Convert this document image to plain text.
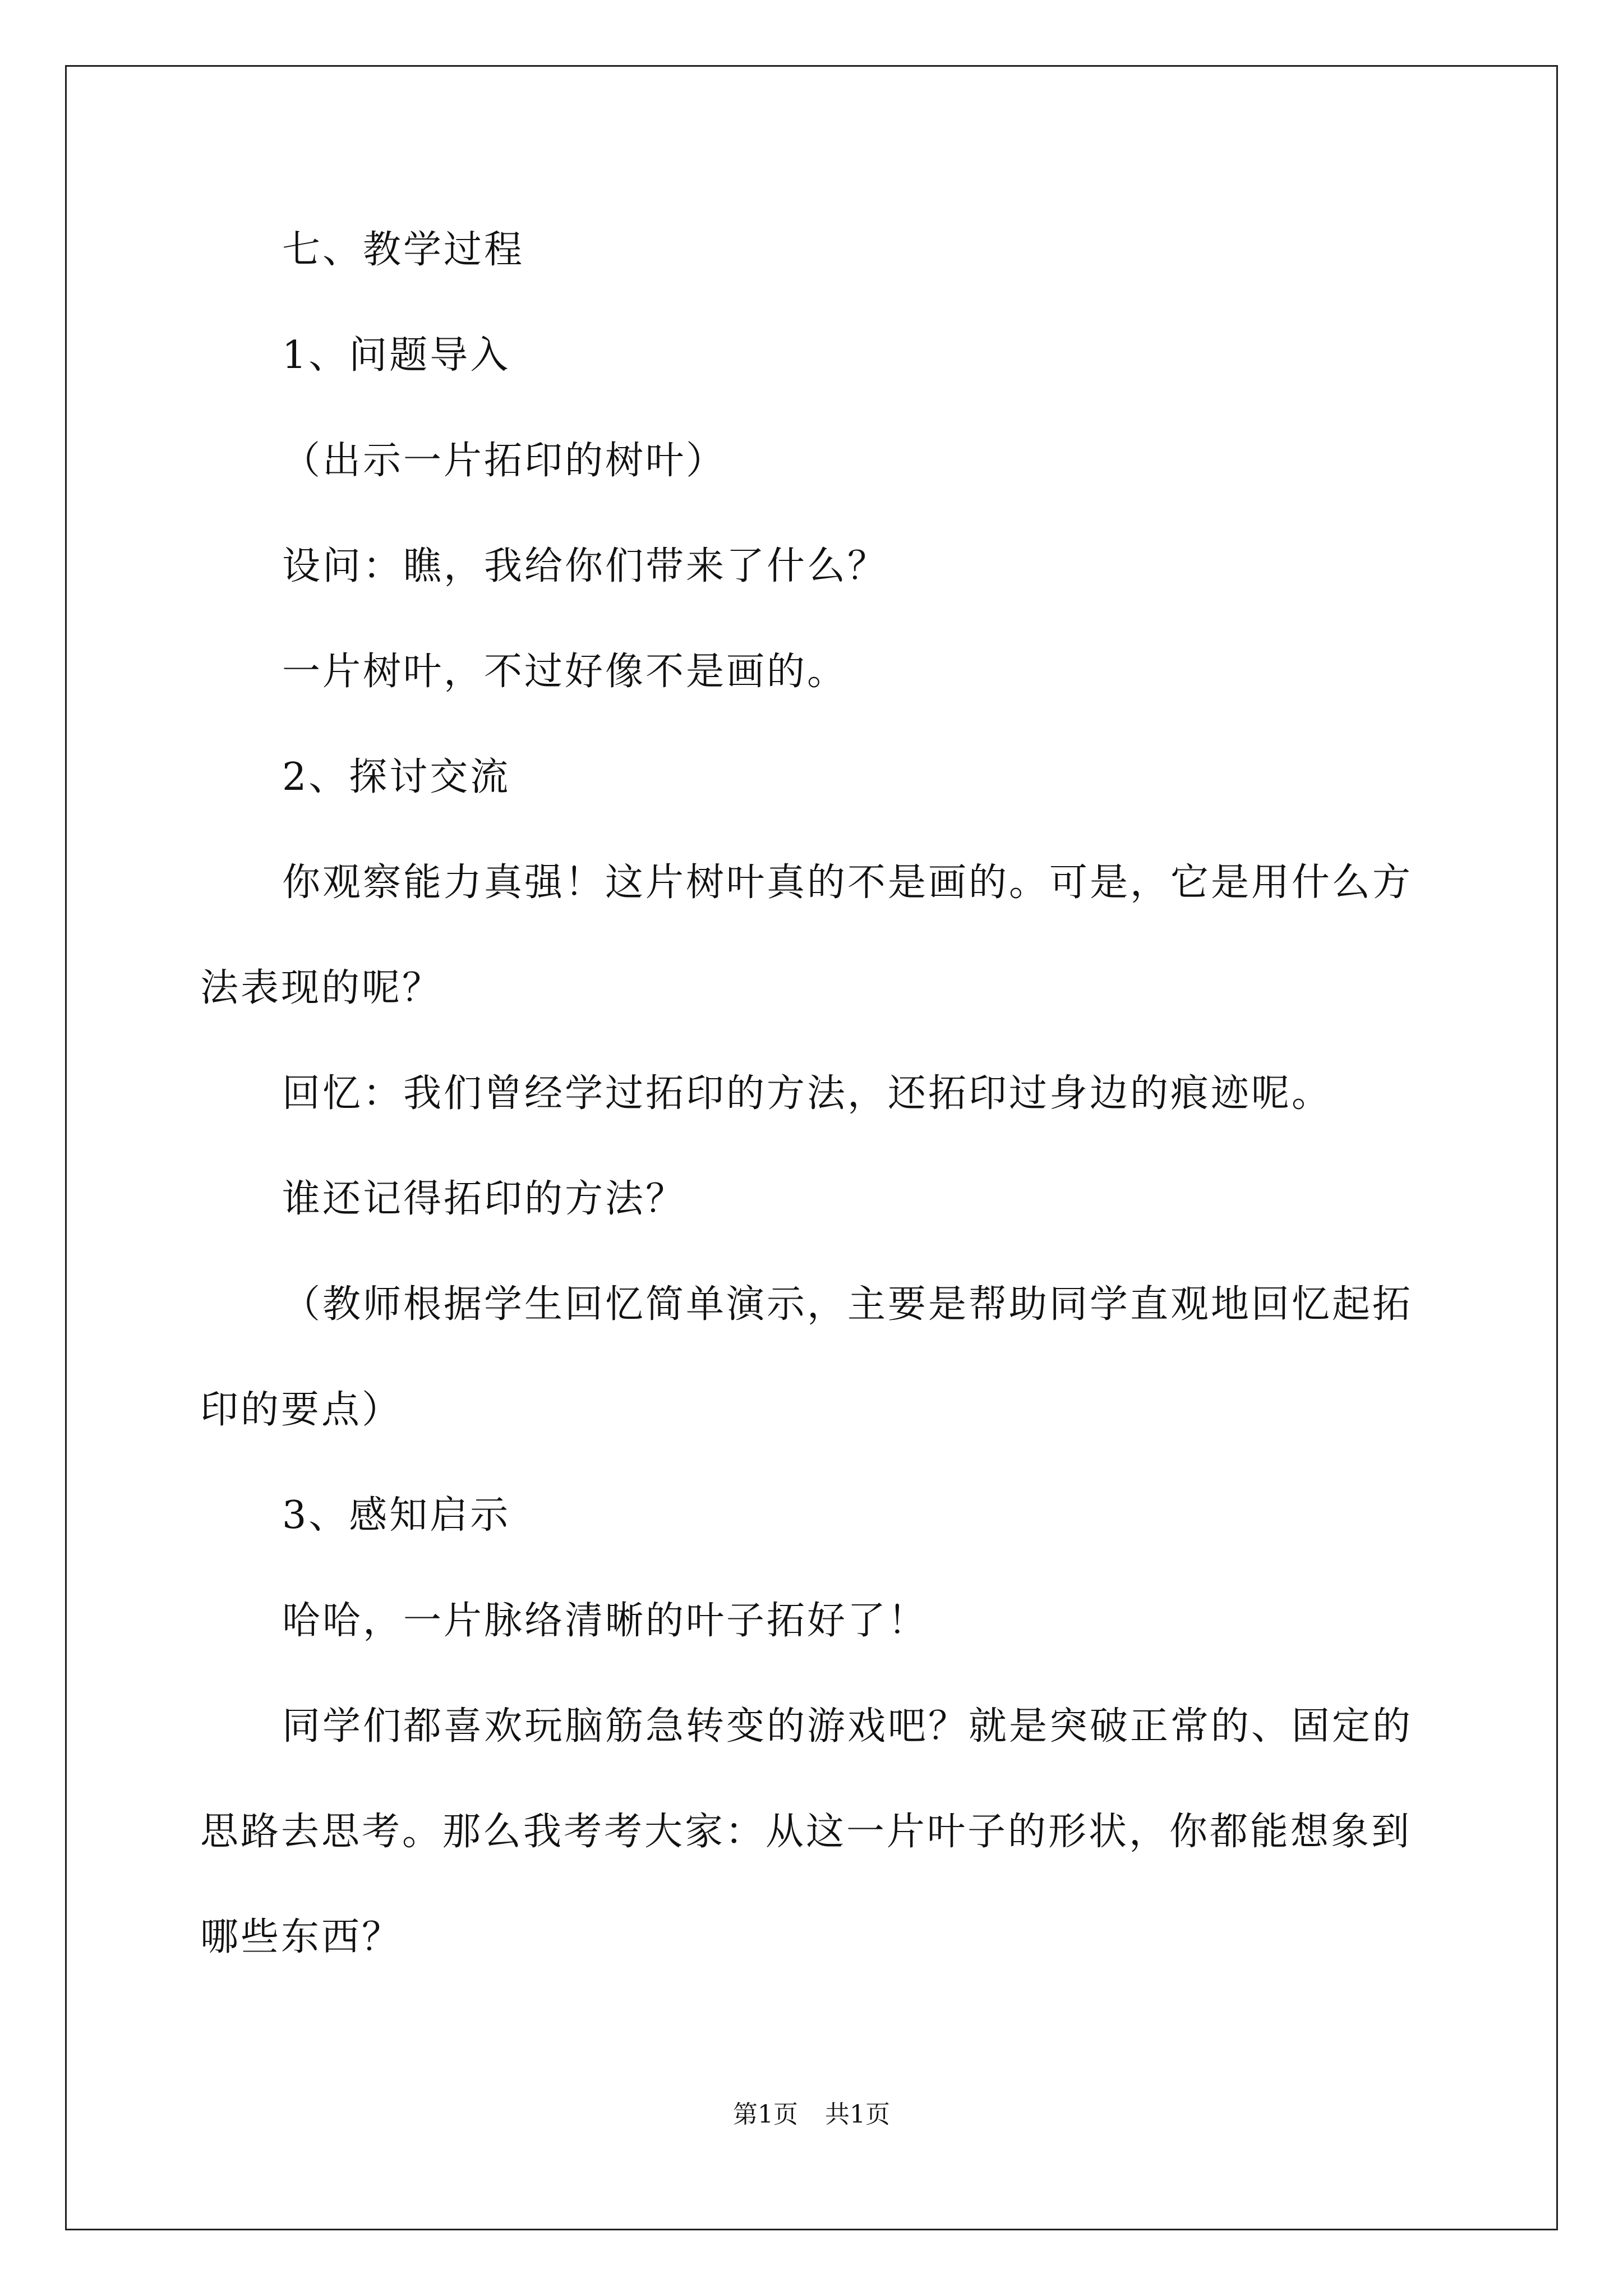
七、教学过程

1、问题导入

（出示一片拓印的树叶）

设问：瞧，我给你们带来了什么？

一片树叶，不过好像不是画的。

2、探讨交流

你观察能力真强！这片树叶真的不是画的。可是，它是用什么方法表现的呢？

回忆：我们曾经学过拓印的方法，还拓印过身边的痕迹呢。

谁还记得拓印的方法？

（教师根据学生回忆简单演示，主要是帮助同学直观地回忆起拓印的要点）

3、感知启示

哈哈，一片脉络清晰的叶子拓好了！

同学们都喜欢玩脑筋急转变的游戏吧？就是突破正常的、固定的思路去思考。那么我考考大家：从这一片叶子的形状，你都能想象到哪些东西？

第1页 共1页
